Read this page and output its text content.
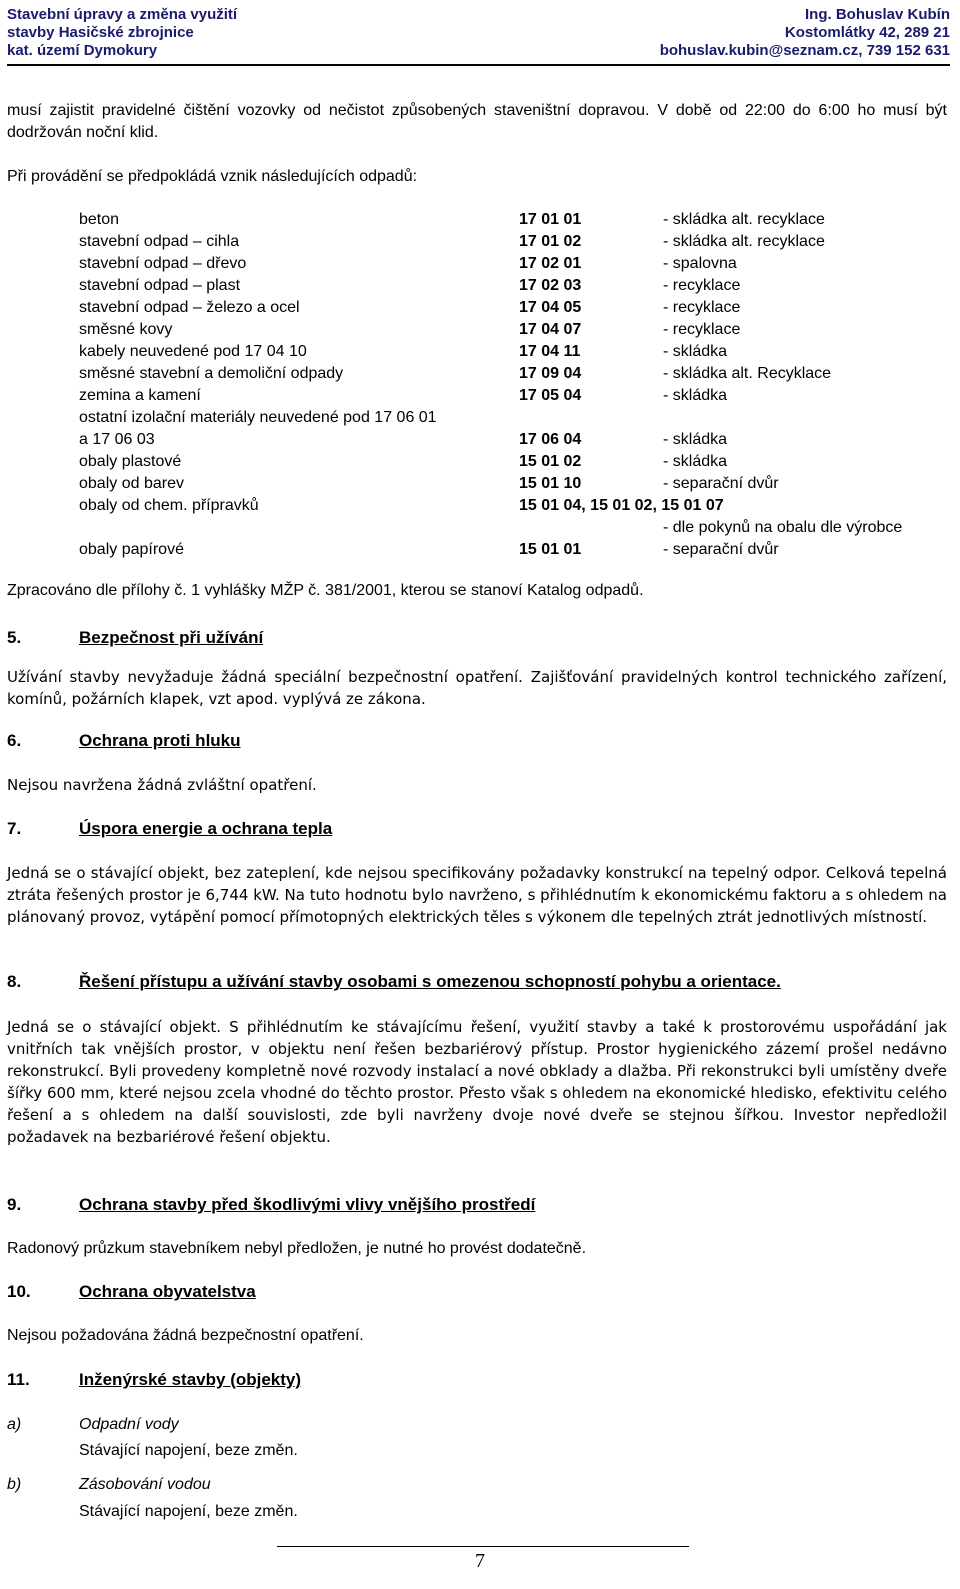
Stavební úpravy a změna využití
stavby Hasičské zbrojnice
kat. území Dymokury
Ing. Bohuslav Kubín
Kostomlátky 42, 289 21
bohuslav.kubin@seznam.cz, 739 152 631
musí zajistit pravidelné čištění vozovky od nečistot způsobených staveništní dopravou. V době od 22:00 do 6:00 ho musí být dodržován noční klid.
Při provádění se předpokládá vznik následujících odpadů:
beton	17 01 01	- skládka alt. recyklace
stavební odpad – cihla	17 01 02	- skládka alt. recyklace
stavební odpad – dřevo	17 02 01	- spalovna
stavební odpad – plast	17 02 03	- recyklace
stavební odpad – železo a ocel	17 04 05	- recyklace
směsné kovy	17 04 07	- recyklace
kabely neuvedené pod 17 04 10	17 04 11	- skládka
směsné stavební a demoliční odpady	17 09 04	- skládka alt. Recyklace
zemina a kamení	17 05 04	- skládka
ostatní izolační materiály neuvedené pod 17 06 01
a 17 06 03	17 06 04	- skládka
obaly plastové	15 01 02	- skládka
obaly od barev	15 01 10	- separační dvůr
obaly od chem. přípravků	15 01 04, 15 01 02, 15 01 07
- dle pokynů na obalu dle výrobce
obaly papírové	15 01 01	- separační dvůr
Zpracováno dle přílohy č. 1 vyhlášky MŽP č. 381/2001, kterou se stanoví Katalog odpadů.
5.	Bezpečnost při užívání
Užívání stavby nevyžaduje žádná speciální bezpečnostní opatření. Zajišťování pravidelných kontrol technického zařízení, komínů, požárních klapek, vzt apod. vyplývá ze zákona.
6.	Ochrana proti hluku
Nejsou navržena žádná zvláštní opatření.
7.	Úspora energie a ochrana tepla
Jedná se o stávající objekt, bez zateplení, kde nejsou specifikovány požadavky konstrukcí na tepelný odpor. Celková tepelná ztráta řešených prostor je 6,744 kW. Na tuto hodnotu bylo navrženo, s přihlédnutím k ekonomickému faktoru a s ohledem na plánovaný provoz, vytápění pomocí přímotopných elektrických těles s výkonem dle tepelných ztrát jednotlivých místností.
8.	Řešení přístupu a užívání stavby osobami s omezenou schopností pohybu a orientace.
Jedná se o stávající objekt. S přihlédnutím ke stávajícímu řešení, využití stavby a také k prostorovému uspořádání jak vnitřních tak vnějších prostor, v objektu není řešen bezbariérový přístup. Prostor hygienického zázemí prošel nedávno rekonstrukcí. Byli provedeny kompletně nové rozvody instalací a nové obklady a dlažba. Při rekonstrukci byli umístěny dveře šířky 600 mm, které nejsou zcela vhodné do těchto prostor. Přesto však s ohledem na ekonomické hledisko, efektivitu celého řešení a s ohledem na další souvislosti, zde byli navrženy dvoje nové dveře se stejnou šířkou. Investor nepředložil požadavek na bezbariérové řešení objektu.
9.	Ochrana stavby před škodlivými vlivy vnějšího prostředí
Radonový průzkum stavebníkem nebyl předložen, je nutné ho provést dodatečně.
10.	Ochrana obyvatelstva
Nejsou požadována žádná bezpečnostní opatření.
11.	Inženýrské stavby (objekty)
a)	Odpadní vody
Stávající napojení, beze změn.
b)	Zásobování vodou
Stávající napojení, beze změn.
7
